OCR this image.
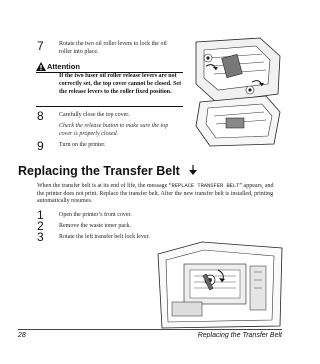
7	Rotate the two oil roller levers to lock the oil roller into place.
Attention
If the two fuser oil roller release levers are not correctly set, the top cover cannot be closed. Set the release levers to the roller fixed position.
8	Carefully close the top cover.
Check the release button to make sure the top cover is properly closed.
9	Turn on the printer.
Replacing the Transfer Belt
When the transfer belt is at its end of life, the message “REPLACE TRANSFER BELT” appears, and the printer does not print. Replace the transfer belt. After the new transfer belt is installed, printing automatically resumes.
1	Open the printer’s front cover.
2	Remove the waste toner pack.
3	Rotate the left transfer belt lock lever.
28	Replacing the Transfer Belt
